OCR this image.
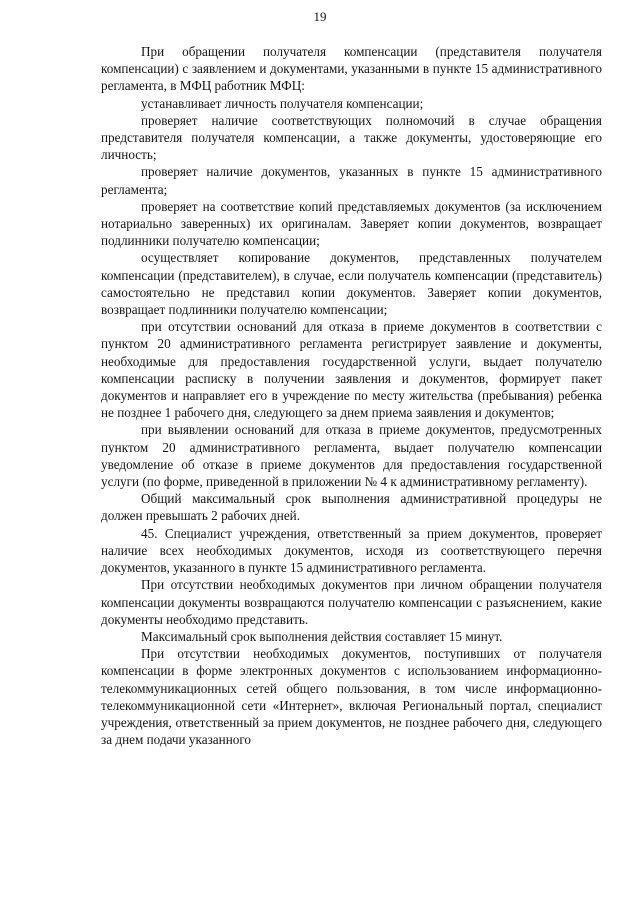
19

При обращении получателя компенсации (представителя получателя компенсации) с заявлением и документами, указанными в пункте 15 административного регламента, в МФЦ работник МФЦ:

устанавливает личность получателя компенсации;

проверяет наличие соответствующих полномочий в случае обращения представителя получателя компенсации, а также документы, удостоверяющие его личность;

проверяет наличие документов, указанных в пункте 15 административного регламента;

проверяет на соответствие копий представляемых документов (за исключением нотариально заверенных) их оригиналам. Заверяет копии документов, возвращает подлинники получателю компенсации;

осуществляет копирование документов, представленных получателем компенсации (представителем), в случае, если получатель компенсации (представитель) самостоятельно не представил копии документов. Заверяет копии документов, возвращает подлинники получателю компенсации;

при отсутствии оснований для отказа в приеме документов в соответствии с пунктом 20 административного регламента регистрирует заявление и документы, необходимые для предоставления государственной услуги, выдает получателю компенсации расписку в получении заявления и документов, формирует пакет документов и направляет его в учреждение по месту жительства (пребывания) ребенка не позднее 1 рабочего дня, следующего за днем приема заявления и документов;

при выявлении оснований для отказа в приеме документов, предусмотренных пунктом 20 административного регламента, выдает получателю компенсации уведомление об отказе в приеме документов для предоставления государственной услуги (по форме, приведенной в приложении № 4 к административному регламенту).

Общий максимальный срок выполнения административной процедуры не должен превышать 2 рабочих дней.

45. Специалист учреждения, ответственный за прием документов, проверяет наличие всех необходимых документов, исходя из соответствующего перечня документов, указанного в пункте 15 административного регламента.

При отсутствии необходимых документов при личном обращении получателя компенсации документы возвращаются получателю компенсации с разъяснением, какие документы необходимо представить.

Максимальный срок выполнения действия составляет 15 минут.

При отсутствии необходимых документов, поступивших от получателя компенсации в форме электронных документов с использованием информационно-телекоммуникационных сетей общего пользования, в том числе информационно-телекоммуникационной сети «Интернет», включая Региональный портал, специалист учреждения, ответственный за прием документов, не позднее рабочего дня, следующего за днем подачи указанного
